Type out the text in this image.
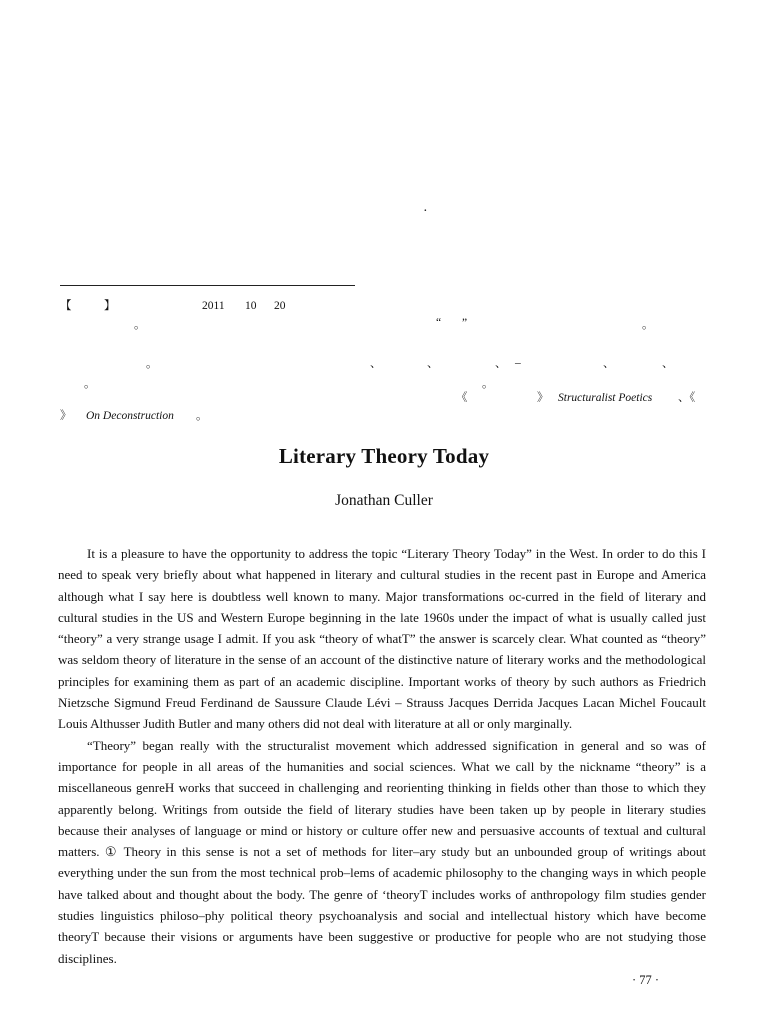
·
【	】	2011 10 20
。	“ ”	。
。	、	、	、 –	、	、
。	。
《	》 Structuralist Poetics 、《
》 On Deconstruction 。
Literary Theory Today
Jonathan Culler

It is a pleasure to have the opportunity to address the topic “Literary Theory Today” in the West. In order to do this I need to speak very briefly about what happened in literary and cultural studies in the recent past in Europe and America although what I say here is doubtless well known to many. Major transformations oc-curred in the field of literary and cultural studies in the US and Western Europe beginning in the late 1960s under the impact of what is usually called just “theory” a very strange usage I admit. If you ask “theory of whatT” the answer is scarcely clear. What counted as “theory” was seldom theory of literature in the sense of an account of the distinctive nature of literary works and the methodological principles for examining them as part of an academic discipline. Important works of theory by such authors as Friedrich Nietzsche Sigmund Freud Ferdinand de Saussure Claude Lévi – Strauss Jacques Derrida Jacques Lacan Michel Foucault Louis Althusser Judith Butler and many others did not deal with literature at all or only marginally.

“Theory” began really with the structuralist movement which addressed signification in general and so was of importance for people in all areas of the humanities and social sciences. What we call by the nickname “theory” is a miscellaneous genreH works that succeed in challenging and reorienting thinking in fields other than those to which they apparently belong. Writings from outside the field of literary studies have been taken up by people in literary studies because their analyses of language or mind or history or culture offer new and persuasive accounts of textual and cultural matters. ① Theory in this sense is not a set of methods for liter–ary study but an unbounded group of writings about everything under the sun from the most technical prob–lems of academic philosophy to the changing ways in which people have talked about and thought about the body. The genre of ‘theoryT includes works of anthropology film studies gender studies linguistics philoso–phy political theory psychoanalysis and social and intellectual history which have become theoryT because their visions or arguments have been suggestive or productive for people who are not studying those disciplines.

· 77 ·
